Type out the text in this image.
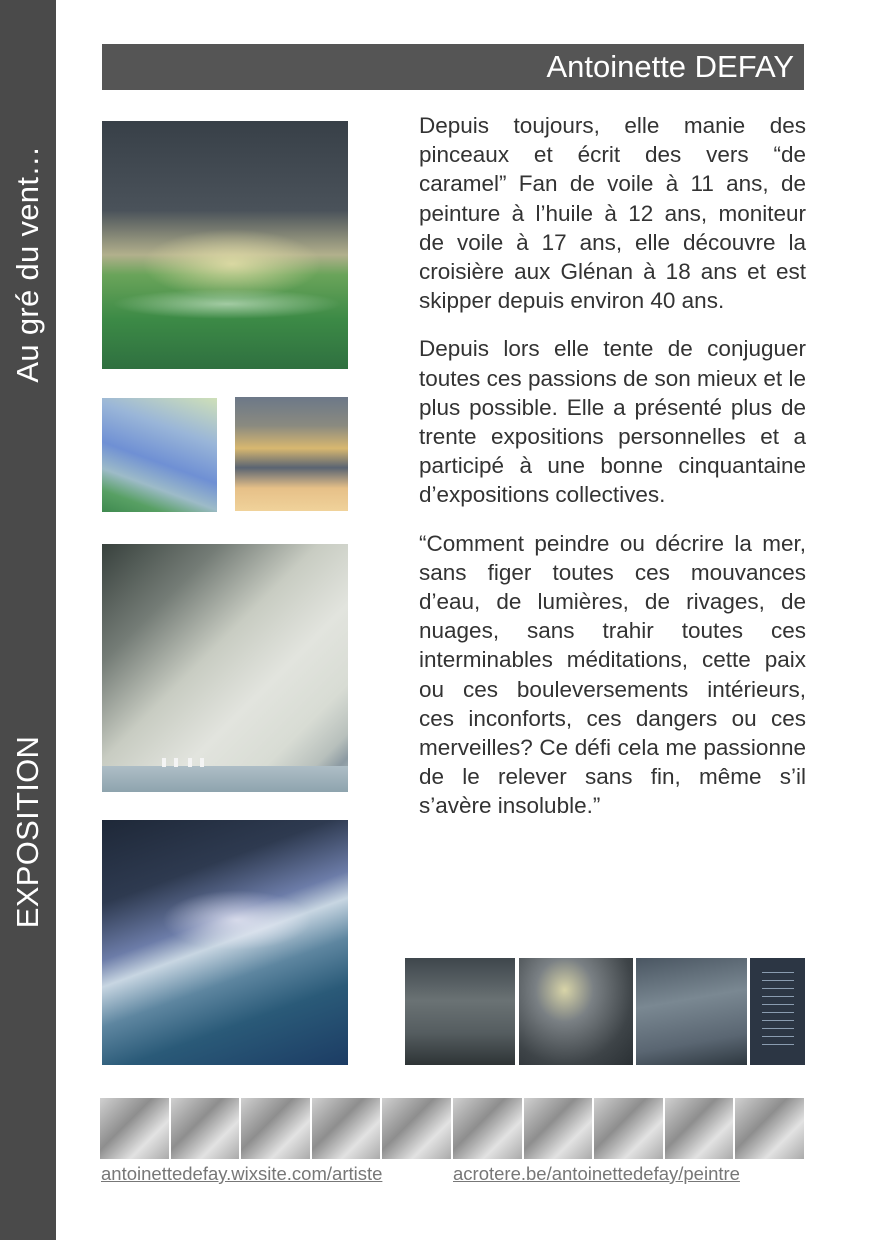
Au gré du vent…
EXPOSITION
Antoinette DEFAY

Depuis toujours, elle manie des pinceaux et écrit des vers “de caramel” Fan de voile à 11 ans, de peinture à l’huile à 12 ans, moniteur de voile à 17 ans, elle découvre la croisière aux Glénan à 18 ans et est skipper depuis environ 40 ans.

Depuis lors elle tente de conjuguer toutes ces passions de son mieux et le plus possible. Elle a présenté plus de trente expositions personnelles et a participé à une bonne cinquantaine d’expositions collectives.

“Comment peindre ou décrire la mer, sans figer toutes ces mouvances d’eau, de lumières, de rivages, de nuages, sans trahir toutes ces interminables méditations, cette paix ou ces bouleversements intérieurs, ces inconforts, ces dangers ou ces merveilles? Ce défi cela me passionne de le relever sans fin, même s’il s’avère insoluble.”

antoinettedefay.wixsite.com/artiste	acrotere.be/antoinettedefay/peintre
